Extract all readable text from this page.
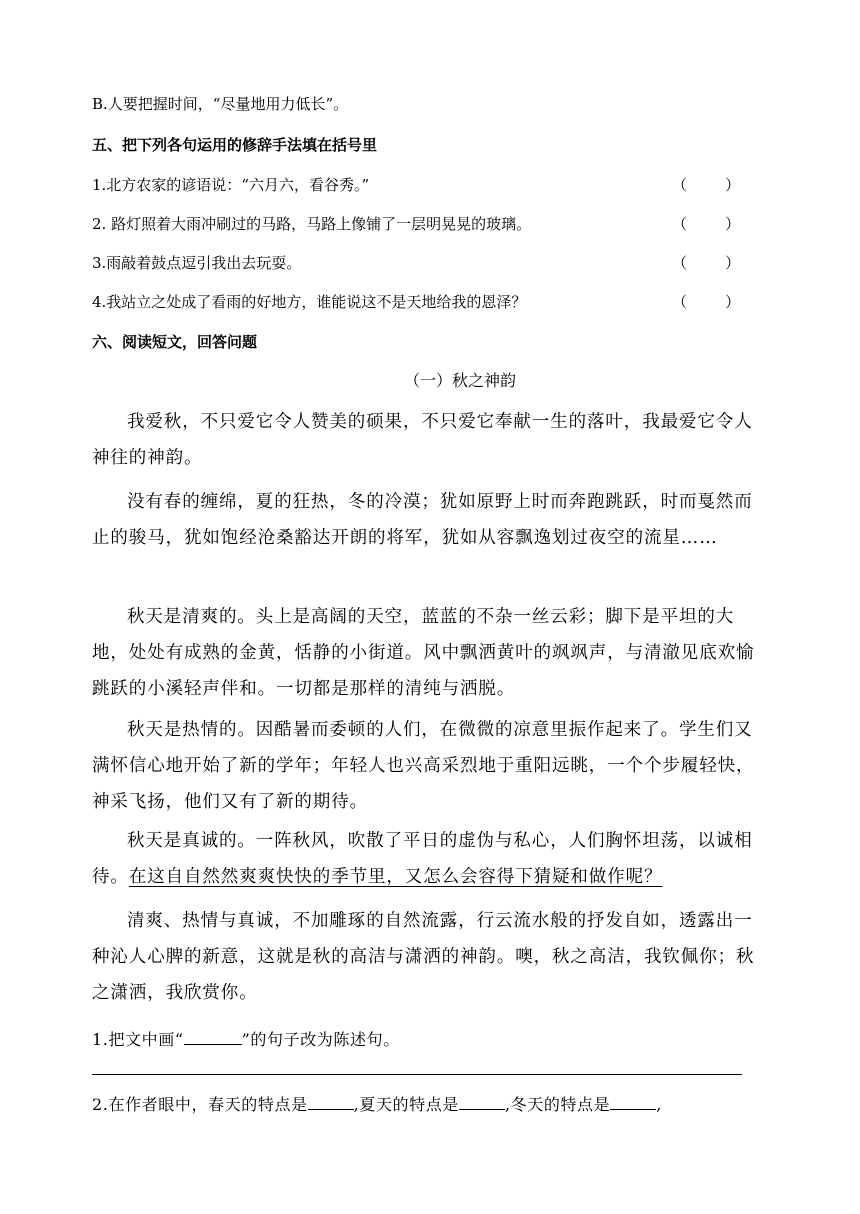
B.人要把握时间，“尽量地用力低长”。
五、把下列各句运用的修辞手法填在括号里
1.北方农家的谚语说：“六月六，看谷秀。”	（        ）
2. 路灯照着大雨冲刷过的马路，马路上像铺了一层明晃晃的玻璃。	（        ）
3.雨敲着鼓点逗引我出去玩耍。	（        ）
4.我站立之处成了看雨的好地方，谁能说这不是天地给我的恩泽？	（        ）
六、阅读短文，回答问题
（一）秋之神韵

我爱秋，不只爱它令人赞美的硕果，不只爱它奉献一生的落叶，我最爱它令人神往的神韵。

没有春的缠绵，夏的狂热，冬的冷漠；犹如原野上时而奔跑跳跃，时而戛然而止的骏马，犹如饱经沧桑豁达开朗的将军，犹如从容飘逸划过夜空的流星……

秋天是清爽的。头上是高阔的天空，蓝蓝的不杂一丝云彩；脚下是平坦的大地，处处有成熟的金黄，恬静的小街道。风中飘洒黄叶的飒飒声，与清澈见底欢愉跳跃的小溪轻声伴和。一切都是那样的清纯与洒脱。

秋天是热情的。因酷暑而委顿的人们，在微微的凉意里振作起来了。学生们又满怀信心地开始了新的学年；年轻人也兴高采烈地于重阳远眺，一个个步履轻快，神采飞扬，他们又有了新的期待。

秋天是真诚的。一阵秋风，吹散了平日的虚伪与私心，人们胸怀坦荡，以诚相待。在这自自然然爽爽快快的季节里，又怎么会容得下猜疑和做作呢？

清爽、热情与真诚，不加雕琢的自然流露，行云流水般的抒发自如，透露出一种沁人心脾的新意，这就是秋的高洁与潇洒的神韵。噢，秋之高洁，我钦佩你；秋之潇洒，我欣赏你。

1.把文中画“	”的句子改为陈述句。
2.在作者眼中，春天的特点是	,夏天的特点是	,冬天的特点是	,
